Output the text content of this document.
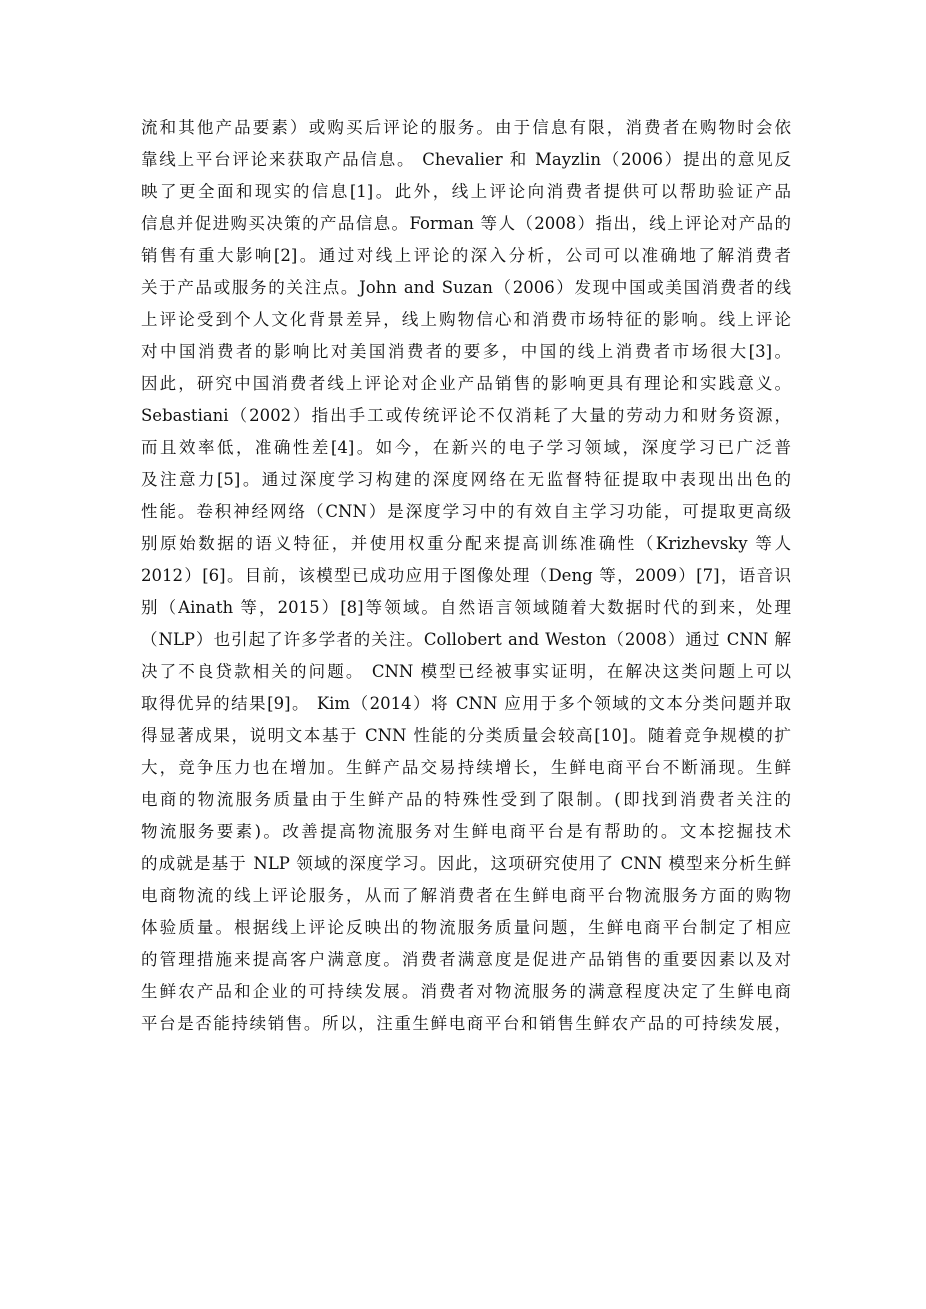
流和其他产品要素）或购买后评论的服务。由于信息有限，消费者在购物时会依
靠线上平台评论来获取产品信息。 Chevalier 和 Mayzlin（2006）提出的意见反
映了更全面和现实的信息[1]。此外，线上评论向消费者提供可以帮助验证产品
信息并促进购买决策的产品信息。Forman 等人（2008）指出，线上评论对产品的
销售有重大影响[2]。通过对线上评论的深入分析，公司可以准确地了解消费者
关于产品或服务的关注点。John and Suzan（2006）发现中国或美国消费者的线
上评论受到个人文化背景差异，线上购物信心和消费市场特征的影响。线上评论
对中国消费者的影响比对美国消费者的要多，中国的线上消费者市场很大[3]。
因此，研究中国消费者线上评论对企业产品销售的影响更具有理论和实践意义。
Sebastiani（2002）指出手工或传统评论不仅消耗了大量的劳动力和财务资源，
而且效率低，准确性差[4]。如今，在新兴的电子学习领域，深度学习已广泛普
及注意力[5]。通过深度学习构建的深度网络在无监督特征提取中表现出出色的
性能。卷积神经网络（CNN）是深度学习中的有效自主学习功能，可提取更高级
别原始数据的语义特征，并使用权重分配来提高训练准确性（Krizhevsky 等人
2012）[6]。目前，该模型已成功应用于图像处理（Deng 等，2009）[7]，语音识
别（Ainath 等，2015）[8]等领域。自然语言领域随着大数据时代的到来，处理
（NLP）也引起了许多学者的关注。Collobert and Weston（2008）通过 CNN 解
决了不良贷款相关的问题。 CNN 模型已经被事实证明，在解决这类问题上可以
取得优异的结果[9]。 Kim（2014）将 CNN 应用于多个领域的文本分类问题并取
得显著成果，说明文本基于 CNN 性能的分类质量会较高[10]。随着竞争规模的扩
大，竞争压力也在增加。生鲜产品交易持续增长，生鲜电商平台不断涌现。生鲜
电商的物流服务质量由于生鲜产品的特殊性受到了限制。(即找到消费者关注的
物流服务要素)。改善提高物流服务对生鲜电商平台是有帮助的。文本挖掘技术
的成就是基于 NLP 领域的深度学习。因此，这项研究使用了 CNN 模型来分析生鲜
电商物流的线上评论服务，从而了解消费者在生鲜电商平台物流服务方面的购物
体验质量。根据线上评论反映出的物流服务质量问题，生鲜电商平台制定了相应
的管理措施来提高客户满意度。消费者满意度是促进产品销售的重要因素以及对
生鲜农产品和企业的可持续发展。消费者对物流服务的满意程度决定了生鲜电商
平台是否能持续销售。所以，注重生鲜电商平台和销售生鲜农产品的可持续发展，
